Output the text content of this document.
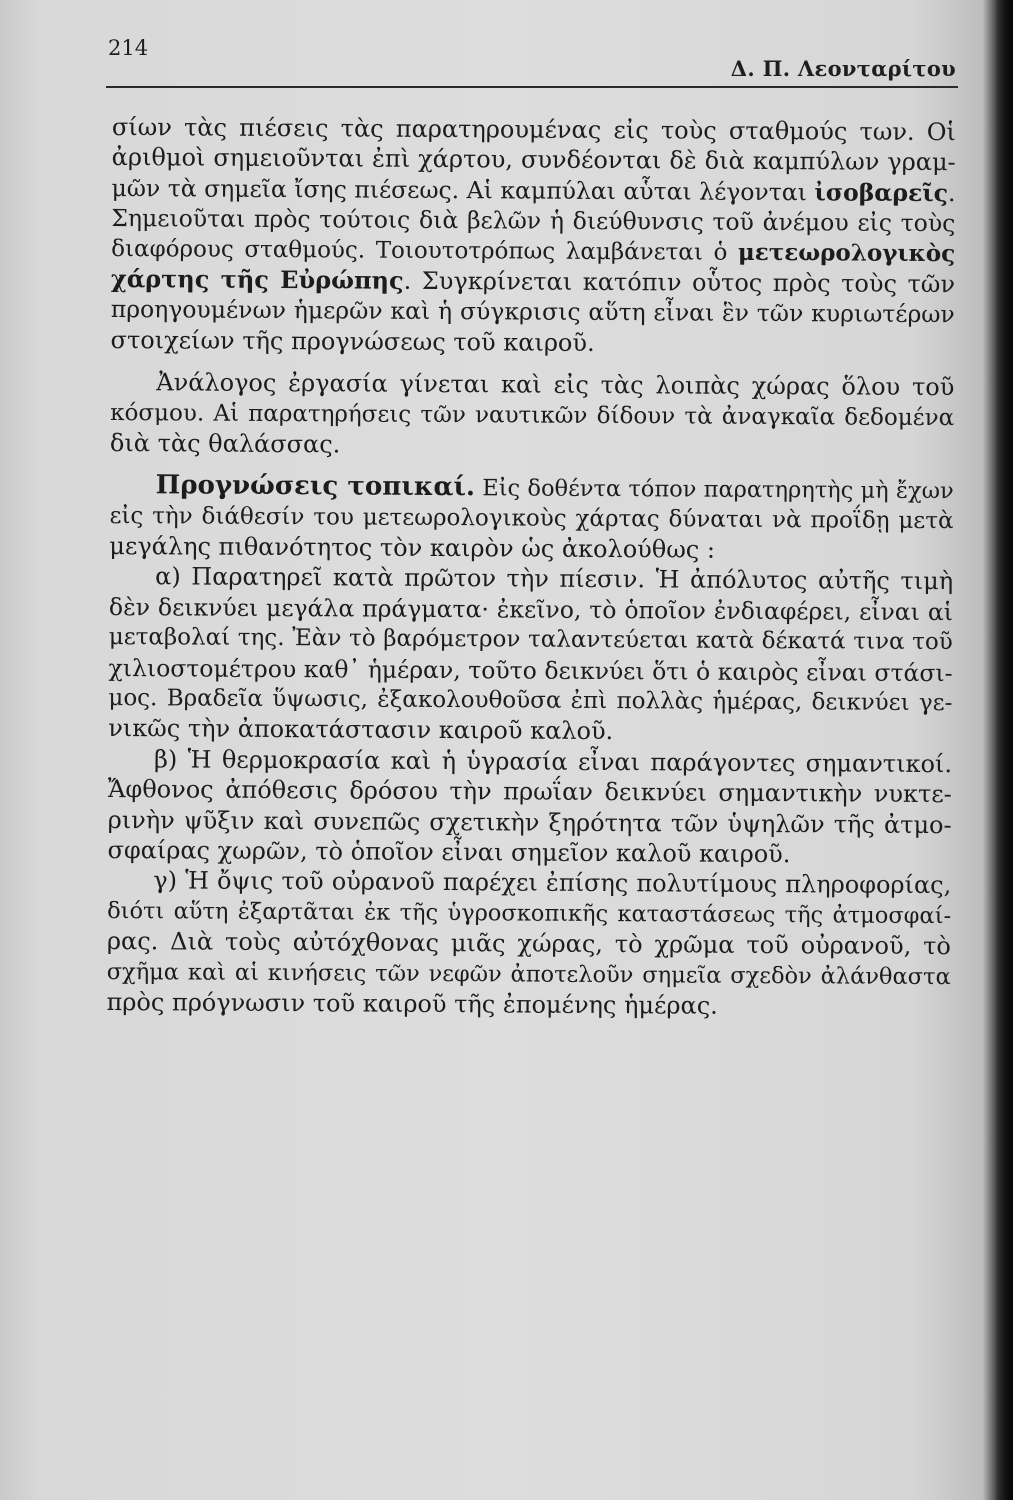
214
Δ. Π. Λεονταρίτου
σίων τὰς πιέσεις τὰς παρατηρουμένας εἰς τοὺς σταθμούς των. Οἱ
ἀριθμοὶ σημειοῦνται ἐπὶ χάρτου, συνδέονται δὲ διὰ καμπύλων γραμ-
μῶν τὰ σημεῖα ἴσης πιέσεως. Αἱ καμπύλαι αὗται λέγονται ἰσοβαρεῖς.
Σημειοῦται πρὸς τούτοις διὰ βελῶν ἡ διεύθυνσις τοῦ ἀνέμου εἰς τοὺς
διαφόρους σταθμούς. Τοιουτοτρόπως λαμβάνεται ὁ μετεωρολογικὸς
χάρτης τῆς Εὐρώπης. Συγκρίνεται κατόπιν οὗτος πρὸς τοὺς τῶν
προηγουμένων ἡμερῶν καὶ ἡ σύγκρισις αὕτη εἶναι ἓν τῶν κυριωτέρων
στοιχείων τῆς προγνώσεως τοῦ καιροῦ.
Ἀνάλογος ἐργασία γίνεται καὶ εἰς τὰς λοιπὰς χώρας ὅλου τοῦ
κόσμου. Αἱ παρατηρήσεις τῶν ναυτικῶν δίδουν τὰ ἀναγκαῖα δεδομένα
διὰ τὰς θαλάσσας.
Προγνώσεις τοπικαί. Εἰς δοθέντα τόπον παρατηρητὴς μὴ ἔχων
εἰς τὴν διάθεσίν του μετεωρολογικοὺς χάρτας δύναται νὰ προΐδῃ μετὰ
μεγάλης πιθανότητος τὸν καιρὸν ὡς ἀκολούθως :
α) Παρατηρεῖ κατὰ πρῶτον τὴν πίεσιν. Ἡ ἀπόλυτος αὐτῆς τιμὴ
δὲν δεικνύει μεγάλα πράγματα· ἐκεῖνο, τὸ ὁποῖον ἐνδιαφέρει, εἶναι αἱ
μεταβολαί της. Ἐὰν τὸ βαρόμετρον ταλαντεύεται κατὰ δέκατά τινα τοῦ
χιλιοστομέτρου καθ᾽ ἡμέραν, τοῦτο δεικνύει ὅτι ὁ καιρὸς εἶναι στάσι-
μος. Βραδεῖα ὕψωσις, ἐξακολουθοῦσα ἐπὶ πολλὰς ἡμέρας, δεικνύει γε-
νικῶς τὴν ἀποκατάστασιν καιροῦ καλοῦ.
β) Ἡ θερμοκρασία καὶ ἡ ὑγρασία εἶναι παράγοντες σημαντικοί.
Ἄφθονος ἀπόθεσις δρόσου τὴν πρωΐαν δεικνύει σημαντικὴν νυκτε-
ρινὴν ψῦξιν καὶ συνεπῶς σχετικὴν ξηρότητα τῶν ὑψηλῶν τῆς ἀτμο-
σφαίρας χωρῶν, τὸ ὁποῖον εἶναι σημεῖον καλοῦ καιροῦ.
γ) Ἡ ὄψις τοῦ οὐρανοῦ παρέχει ἐπίσης πολυτίμους πληροφορίας,
διότι αὕτη ἐξαρτᾶται ἐκ τῆς ὑγροσκοπικῆς καταστάσεως τῆς ἀτμοσφαί-
ρας. Διὰ τοὺς αὐτόχθονας μιᾶς χώρας, τὸ χρῶμα τοῦ οὐρανοῦ, τὸ
σχῆμα καὶ αἱ κινήσεις τῶν νεφῶν ἀποτελοῦν σημεῖα σχεδὸν ἀλάνθαστα
πρὸς πρόγνωσιν τοῦ καιροῦ τῆς ἐπομένης ἡμέρας.
